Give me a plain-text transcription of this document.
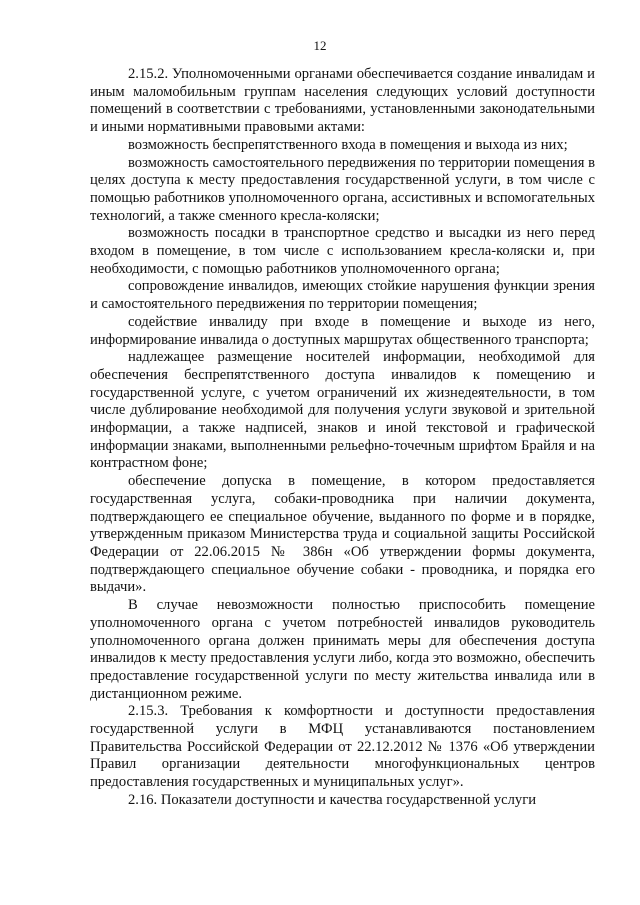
12

2.15.2. Уполномоченными органами обеспечивается создание инвалидам и иным маломобильным группам населения следующих условий доступности помещений в соответствии с требованиями, установленными законодательными и иными нормативными правовыми актами:

возможность беспрепятственного входа в помещения и выхода из них;

возможность самостоятельного передвижения по территории помещения в целях доступа к месту предоставления государственной услуги, в том числе с помощью работников уполномоченного органа, ассистивных и вспомогательных технологий, а также сменного кресла-коляски;

возможность посадки в транспортное средство и высадки из него перед входом в помещение, в том числе с использованием кресла-коляски и, при необходимости, с помощью работников уполномоченного органа;

сопровождение инвалидов, имеющих стойкие нарушения функции зрения и самостоятельного передвижения по территории помещения;

содействие инвалиду при входе в помещение и выходе из него, информирование инвалида о доступных маршрутах общественного транспорта;

надлежащее размещение носителей информации, необходимой для обеспечения беспрепятственного доступа инвалидов к помещению и государственной услуге, с учетом ограничений их жизнедеятельности, в том числе дублирование необходимой для получения услуги звуковой и зрительной информации, а также надписей, знаков и иной текстовой и графической информации знаками, выполненными рельефно-точечным шрифтом Брайля и на контрастном фоне;

обеспечение допуска в помещение, в котором предоставляется государственная услуга, собаки-проводника при наличии документа, подтверждающего ее специальное обучение, выданного по форме и в порядке, утвержденным приказом Министерства труда и социальной защиты Российской Федерации от 22.06.2015 № 386н «Об утверждении формы документа, подтверждающего специальное обучение собаки - проводника, и порядка его выдачи».

В случае невозможности полностью приспособить помещение уполномоченного органа с учетом потребностей инвалидов руководитель уполномоченного органа должен принимать меры для обеспечения доступа инвалидов к месту предоставления услуги либо, когда это возможно, обеспечить предоставление государственной услуги по месту жительства инвалида или в дистанционном режиме.

2.15.3. Требования к комфортности и доступности предоставления государственной услуги в МФЦ устанавливаются постановлением Правительства Российской Федерации от 22.12.2012 № 1376 «Об утверждении Правил организации деятельности многофункциональных центров предоставления государственных и муниципальных услуг».

2.16. Показатели доступности и качества государственной услуги
